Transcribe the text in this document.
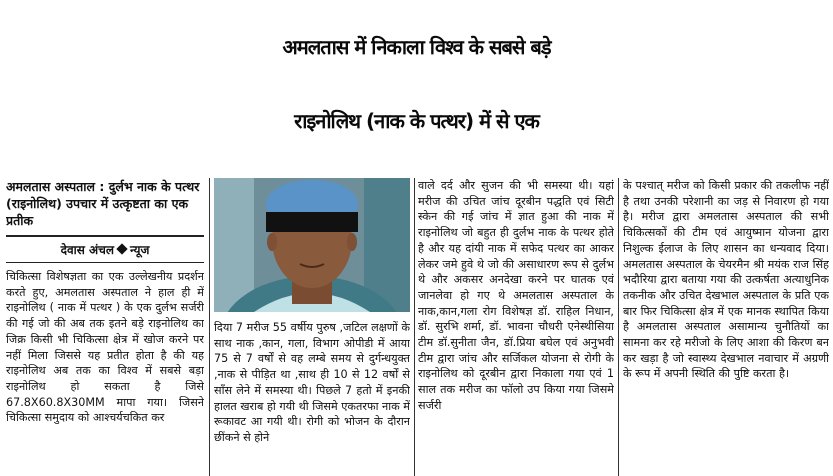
अमलतास में निकाला विश्व के सबसे बड़े
राइनोलिथ (नाक के पत्थर) में से एक
अमलतास अस्पताल : दुर्लभ नाक के पत्थर (राइनोलिथ) उपचार में उत्कृष्टता का एक प्रतीक
देवास अंचल न्यूज
चिकित्सा विशेषज्ञता का एक उल्लेखनीय प्रदर्शन करते हुए, अमलतास अस्पताल ने हाल ही में राइनोलिथ ( नाक में पत्थर ) के एक दुर्लभ सर्जरी की गई जो की अब तक इतने बड़े राइनोलिथ का जिक्र किसी भी चिकित्सा क्षेत्र में खोज करने पर नहीं मिला जिससे यह प्रतीत होता है की यह राइनोलिथ अब तक का विश्व में सबसे बड़ा राइनोलिथ हो सकता है जिसे 67.8X60.8X30MM मापा गया। जिसने चिकित्सा समुदाय को आश्चर्यचकित कर
दिया 7 मरीज 55 वर्षीय पुरुष ,जटिल लक्षणों के साथ नाक ,कान, गला, विभाग ओपीडी में आया 75 से 7 वर्षों से वह लम्बे समय से दुर्गन्धयुक्त ,नाक से पीड़ित था ,साथ ही 10 से 12 वर्षों से साँस लेने में समस्या थी। पिछले 7 हतो में इनकी हालत खराब हो गयी थी जिसमे एकतरफा नाक में रूकावट आ गयी थी। रोगी को भोजन के दौरान छींकने से होने
वाले दर्द और सुजन की भी समस्या थी। यहां मरीज की उचित जांच दूरबीन पद्धति एवं सिटी स्केन की गई जांच में ज्ञात हुआ की नाक में राइनोलिथ जो बहुत ही दुर्लभ नाक के पत्थर होते है और यह दांयी नाक में सफेद पत्थर का आकर लेकर जमे हुवे थे जो की असाधारण रूप से दुर्लभ थे और अकसर अनदेखा करने पर घातक एवं जानलेवा हो गए थे अमलतास अस्पताल के नाक,कान,गला रोग विशेषज्ञ डॉ. राहिल निधान, डॉ. सुरभि शर्मा, डॉ. भावना चौधरी एनेस्थीसिया टीम डॉ.सुनीता जैन, डॉ.प्रिया बघेल एवं अनुभवी टीम द्वारा जांच और सर्जिकल योजना से रोगी के राइनोलिथ को दूरबीन द्वारा निकाला गया एवं 1 साल तक मरीज का फॉलो उप किया गया जिसमे सर्जरी
के पश्चात् मरीज को किसी प्रकार की तकलीफ नहीं है तथा उनकी परेशानी का जड़ से निवारण हो गया है। मरीज द्वारा अमलतास अस्पताल की सभी चिकित्सकों की टीम एवं आयुष्मान योजना द्वारा निशुल्क ईलाज के लिए शासन का धन्यवाद दिया। अमलतास अस्पताल के चेयरमैन श्री मयंक राज सिंह भदौरिया द्वारा बताया गया की उत्कर्षता अत्याधुनिक तकनीक और उचित देखभाल अस्पताल के प्रति एक बार फिर चिकित्सा क्षेत्र में एक मानक स्थापित किया है अमलतास अस्पताल असामान्य चुनौतियों का सामना कर रहे मरीजो के लिए आशा की किरण बन कर खड़ा है जो स्वास्थ्य देखभाल नवाचार में अग्रणी के रूप में अपनी स्थिति की पुष्टि करता है।
